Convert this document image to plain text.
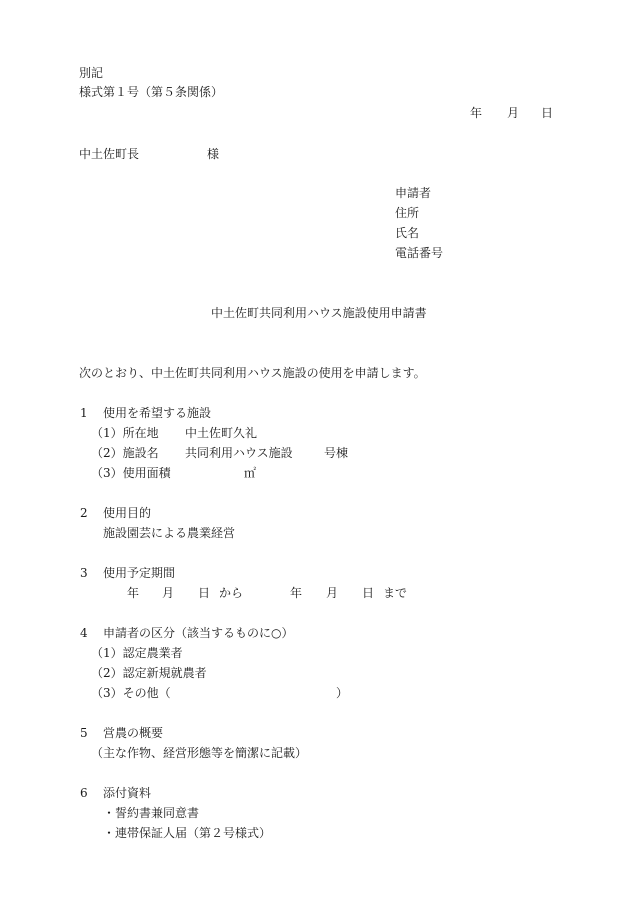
別記
様式第１号（第５条関係）
年 月 日
中土佐町長	様
申請者
住所
氏名
電話番号
中土佐町共同利用ハウス施設使用申請書
次のとおり、中土佐町共同利用ハウス施設の使用を申請します。
1 使用を希望する施設
（1）所在地 中土佐町久礼
（2）施設名 共同利用ハウス施設	号棟
（3）使用面積	㎡
2 使用目的
施設園芸による農業経営
3 使用予定期間
年 月 日 から	年 月 日 まで
4 申請者の区分（該当するものに○）
（1）認定農業者
（2）認定新規就農者
（3）その他（	）
5 営農の概要
（主な作物、経営形態等を簡潔に記載）
6 添付資料
・誓約書兼同意書
・連帯保証人届（第２号様式）
